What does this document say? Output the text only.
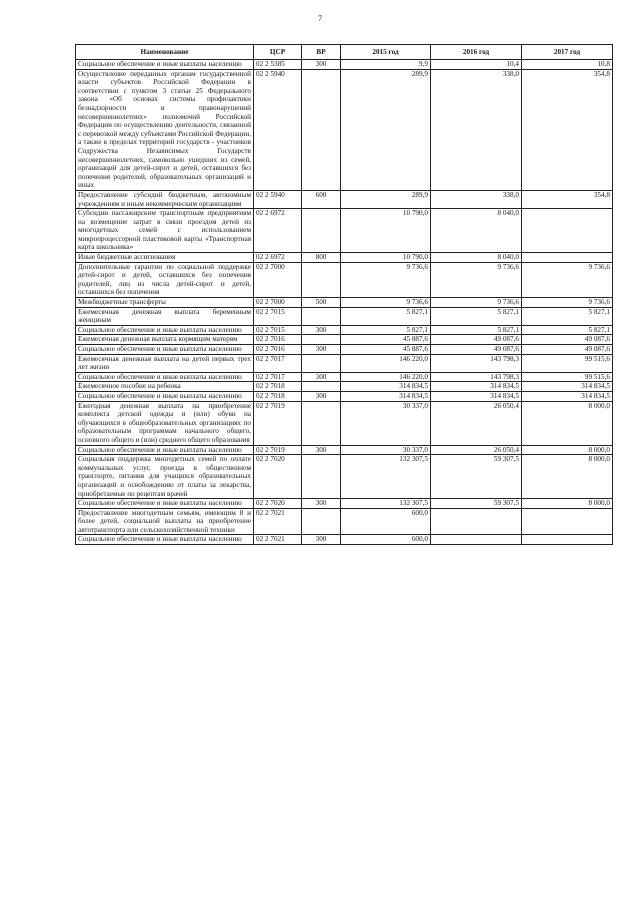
7
Наименование	ЦСР	ВР	2015 год	2016 год	2017 год
Социальное обеспечение и иные выплаты населению	02 2 5385	300	9,9	10,4	10,8
Осуществление переданных органам государственной власти субъектов Российской Федерации в соответствии с пунктом 3 статьи 25 Федерального закона «Об основах системы профилактики безнадзорности и правонарушений несовершеннолетних» полномочий Российской Федерации по осуществлению деятельности, связанной с перевозкой между субъектами Российской Федерации, а также в пределах территорий государств - участников Содружества Независимых Государств несовершеннолетних, самовольно ушедших из семей, организаций для детей-сирот и детей, оставшихся без попечения родителей, образовательных организаций и иных	02 2 5940		289,9	338,0	354,8
Предоставление субсидий бюджетным, автономным учреждениям и иным некоммерческим организациям	02 2 5940	600	289,9	338,0	354,8
Субсидии пассажирским транспортным предприятиям на возмещение затрат в связи проездом детей из многодетных семей с использованием микропроцессорной пластиковой карты «Транспортная карта школьника»	02 2 6972		10 790,0	8 040,0	
Иные бюджетные ассигнования	02 2 6972	800	10 790,0	8 040,0	
Дополнительные гарантии по социальной поддержке детей-сирот и детей, оставшихся без попечения родителей, лиц из числа детей-сирот и детей, оставшихся без попечения	02 2 7000		9 736,6	9 736,6	9 736,6
Межбюджетные трансферты	02 2 7000	500	9 736,6	9 736,6	9 736,6
Ежемесячная денежная выплата беременным женщинам	02 2 7015		5 827,1	5 827,1	5 827,1
Социальное обеспечение и иные выплаты населению	02 2 7015	300	5 827,1	5 827,1	5 827,1
Ежемесячная денежная выплата кормящим матерям	02 2 7016		45 887,6	49 087,6	49 087,6
Социальное обеспечение и иные выплаты населению	02 2 7016	300	45 887,6	49 087,6	49 087,6
Ежемесячная денежная выплата на детей первых трех лет жизни	02 2 7017		146 220,0	143 798,3	99 515,6
Социальное обеспечение и иные выплаты населению	02 2 7017	300	146 220,0	143 798,3	99 515,6
Ежемесячное пособие на ребенка	02 2 7018		314 834,5	314 834,5	314 834,5
Социальное обеспечение и иные выплаты населению	02 2 7018	300	314 834,5	314 834,5	314 834,5
Ежегодная денежная выплата на приобретение комплекта детской одежды и (или) обуви на обучающихся в общеобразовательных организациях по образовательным программам начального общего, основного общего и (или) среднего общего образования	02 2 7019		30 337,0	26 050,4	8 000,0
Социальное обеспечение и иные выплаты населению	02 2 7019	300	30 337,0	26 050,4	8 000,0
Социальная поддержка многодетных семей по оплате коммунальных услуг, проезда в общественном транспорте, питания для учащихся образовательных организаций и освобождению от платы за лекарства, приобретаемые по рецептам врачей	02 2 7020		132 307,5	59 307,5	8 000,0
Социальное обеспечение и иные выплаты населению	02 2 7020	300	132 307,5	59 307,5	8 000,0
Предоставление многодетным семьям, имеющим 8 и более детей, социальной выплаты на приобретение автотранспорта или сельскохозяйственной техники	02 2 7021		600,0		
Социальное обеспечение и иные выплаты населению	02 2 7021	300	600,0		
